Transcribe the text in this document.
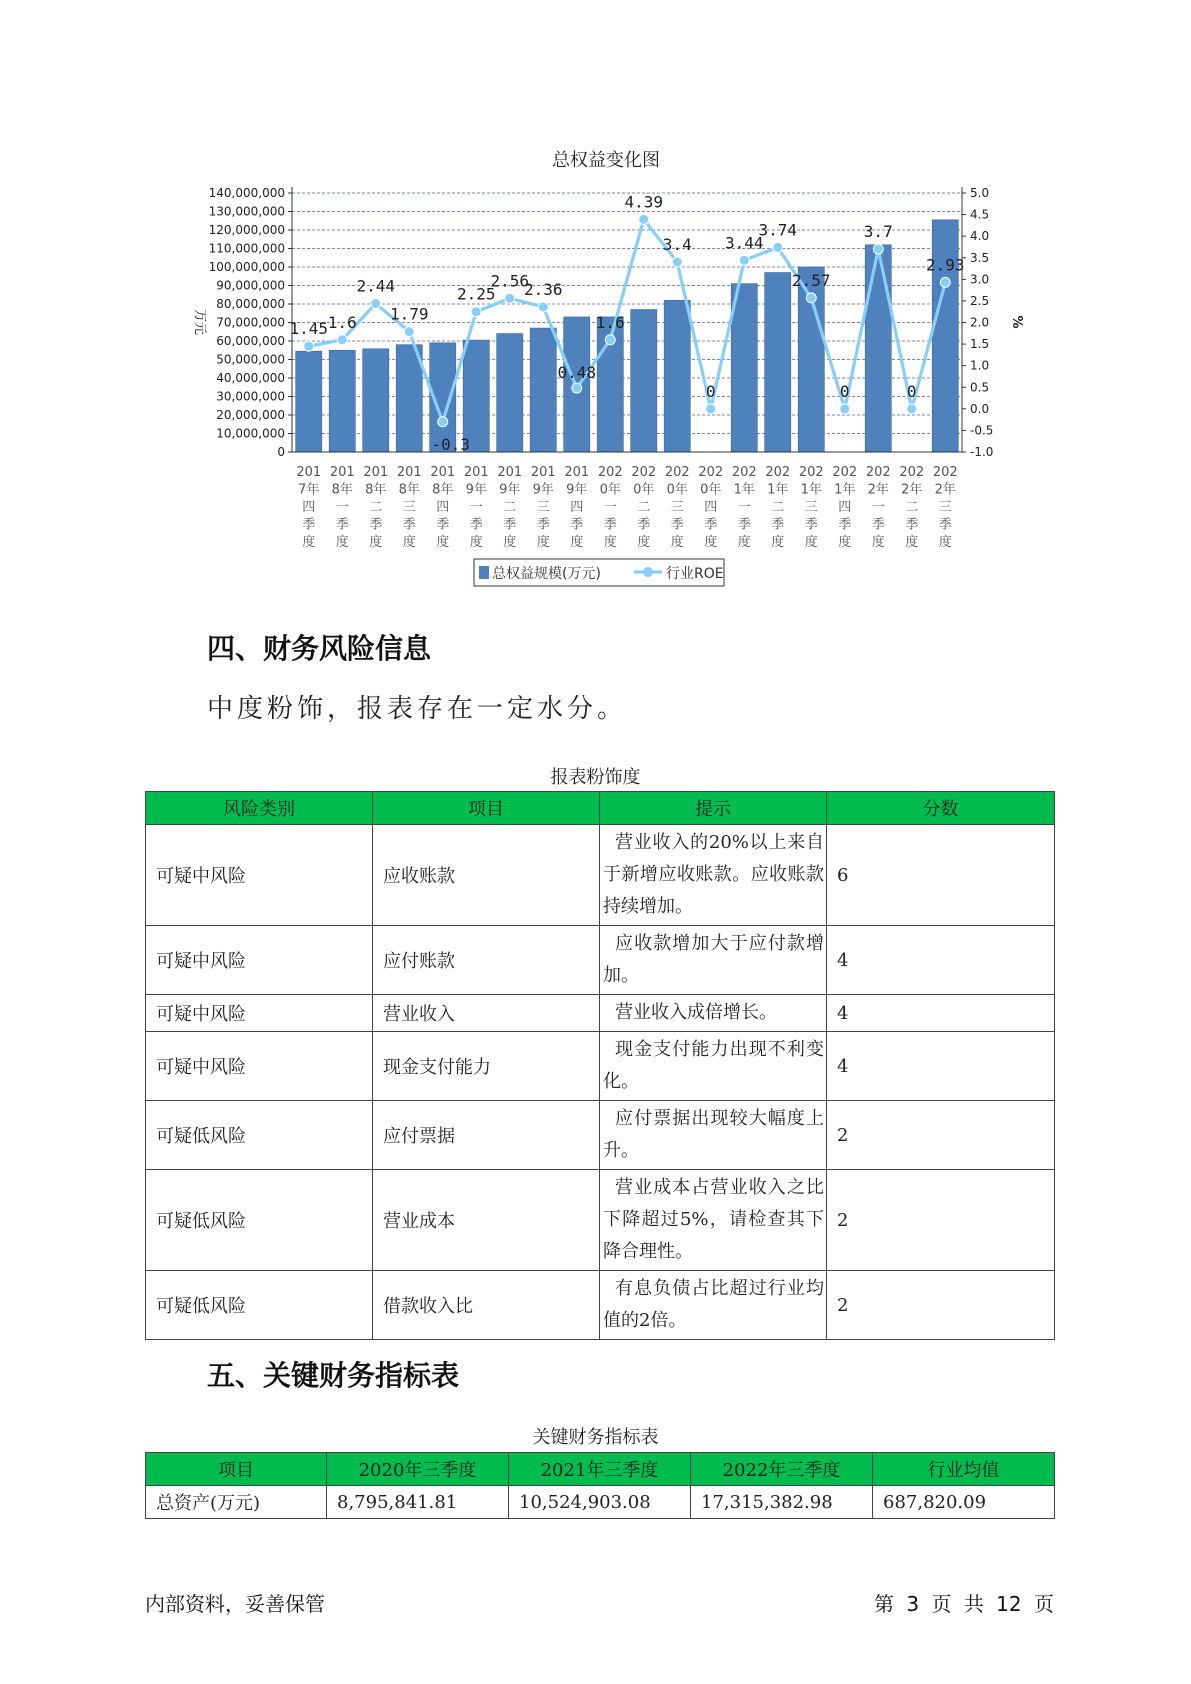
总权益变化图
140,000,000
130,000,000
120,000,000
110,000,000
100,000,000
90,000,000
80,000,000
70,000,000
60,000,000
50,000,000
40,000,000
30,000,000
20,000,000
10,000,000
0
5.0
4.5
4.0
3.5
3.0
2.5
2.0
1.5
1.0
0.5
0.0
-0.5
-1.0
万元	%
1.45 1.6
2.44
1.79
-0.3
2.25
2.56
2.36
0.48
1.6
4.39
3.4
0
3.44
3.74
2.57
0
3.7
0
2.93
201
7年
四
季
度
201
8年
一
季
度
201
8年
二
季
度
201
8年
三
季
度
201
8年
四
季
度
201
9年
一
季
度
201
9年
二
季
度
201
9年
三
季
度
201
9年
四
季
度
202
0年
一
季
度
202
0年
二
季
度
202
0年
三
季
度
202
0年
四
季
度
202
1年
一
季
度
202
1年
二
季
度
202
1年
三
季
度
202
1年
四
季
度
202
2年
一
季
度
202
2年
二
季
度
202
2年
三
季
度
总权益规模(万元)	行业ROE
四、财务风险信息
中度粉饰，报表存在一定水分。
报表粉饰度
风险类别	项目	提示	分数
可疑中风险	应收账款	营业收入的20%以上来自于新增应收账款。应收账款持续增加。	6
可疑中风险	应付账款	应收款增加大于应付款增加。	4
可疑中风险	营业收入	营业收入成倍增长。	4
可疑中风险	现金支付能力	现金支付能力出现不利变化。	4
可疑低风险	应付票据	应付票据出现较大幅度上升。	2
可疑低风险	营业成本	营业成本占营业收入之比下降超过5%，请检查其下降合理性。	2
可疑低风险	借款收入比	有息负债占比超过行业均值的2倍。	2
五、关键财务指标表
关键财务指标表
项目	2020年三季度	2021年三季度	2022年三季度	行业均值
总资产(万元)	8,795,841.81	10,524,903.08	17,315,382.98	687,820.09
内部资料，妥善保管	第 3 页 共 12 页
